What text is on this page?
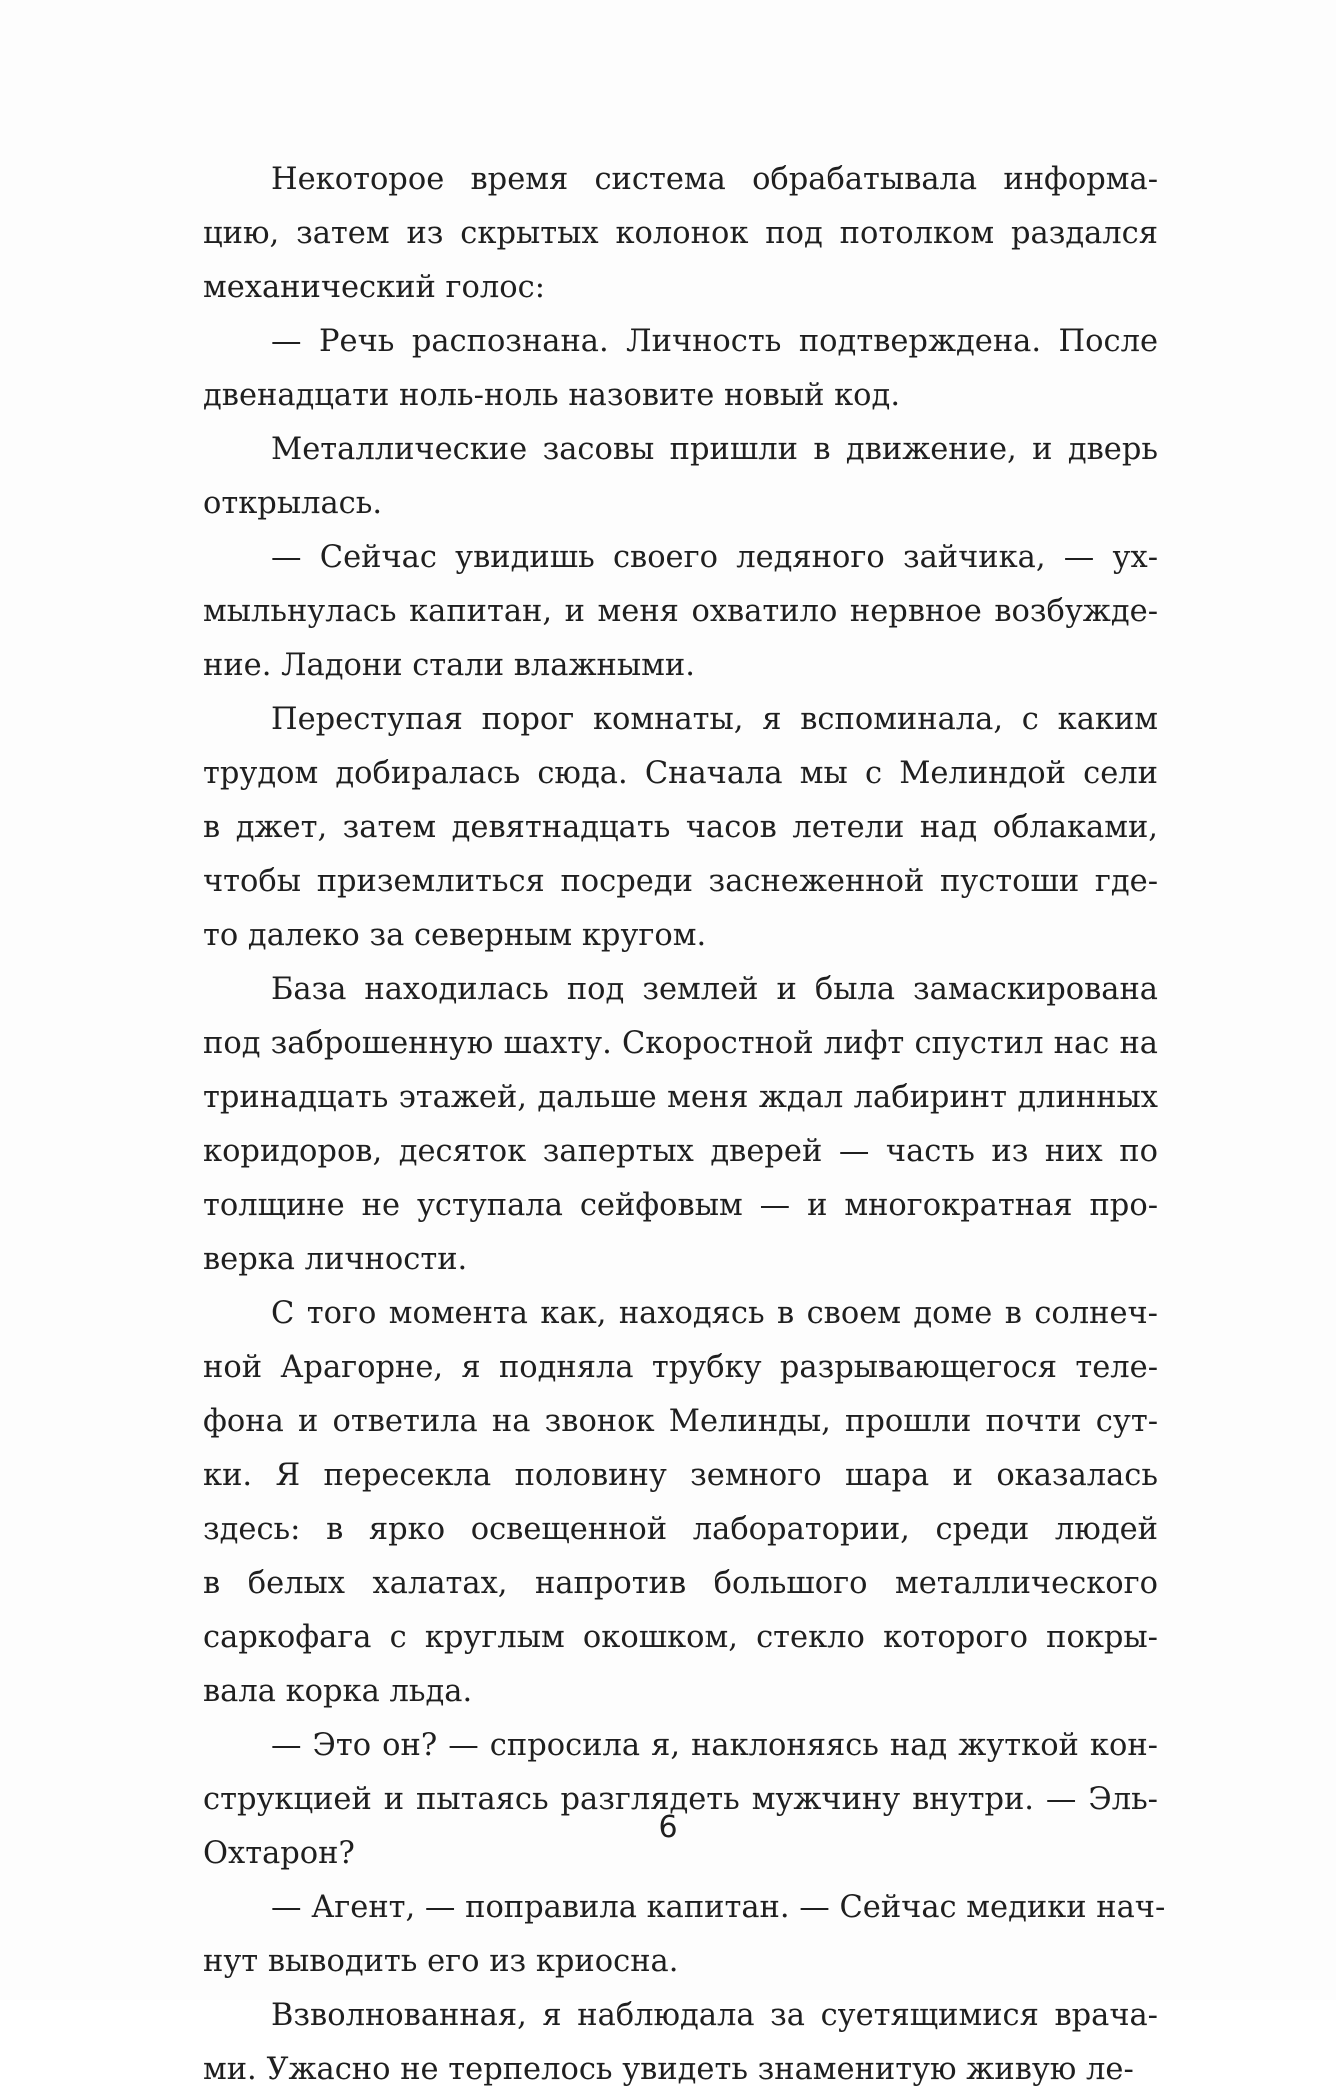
Некоторое время система обрабатывала информа-
цию, затем из скрытых колонок под потолком раздался
механический голос:
— Речь распознана. Личность подтверждена. После
двенадцати ноль-ноль назовите новый код.
Металлические засовы пришли в движение, и дверь
открылась.
— Сейчас увидишь своего ледяного зайчика, — ух-
мыльнулась капитан, и меня охватило нервное возбужде-
ние. Ладони стали влажными.
Переступая порог комнаты, я вспоминала, с каким
трудом добиралась сюда. Сначала мы с Мелиндой сели
в джет, затем девятнадцать часов летели над облаками,
чтобы приземлиться посреди заснеженной пустоши где-
то далеко за северным кругом.
База находилась под землей и была замаскирована
под заброшенную шахту. Скоростной лифт спустил нас на
тринадцать этажей, дальше меня ждал лабиринт длинных
коридоров, десяток запертых дверей — часть из них по
толщине не уступала сейфовым — и многократная про-
верка личности.
С того момента как, находясь в своем доме в солнеч-
ной Арагорне, я подняла трубку разрывающегося теле-
фона и ответила на звонок Мелинды, прошли почти сут-
ки. Я пересекла половину земного шара и оказалась
здесь: в ярко освещенной лаборатории, среди людей
в белых халатах, напротив большого металлического
саркофага с круглым окошком, стекло которого покры-
вала корка льда.
— Это он? — спросила я, наклоняясь над жуткой кон-
струкцией и пытаясь разглядеть мужчину внутри. — Эль-
Охтарон?
— Агент, — поправила капитан. — Сейчас медики нач-
нут выводить его из криосна.
Взволнованная, я наблюдала за суетящимися врача-
ми. Ужасно не терпелось увидеть знаменитую живую ле-
6
